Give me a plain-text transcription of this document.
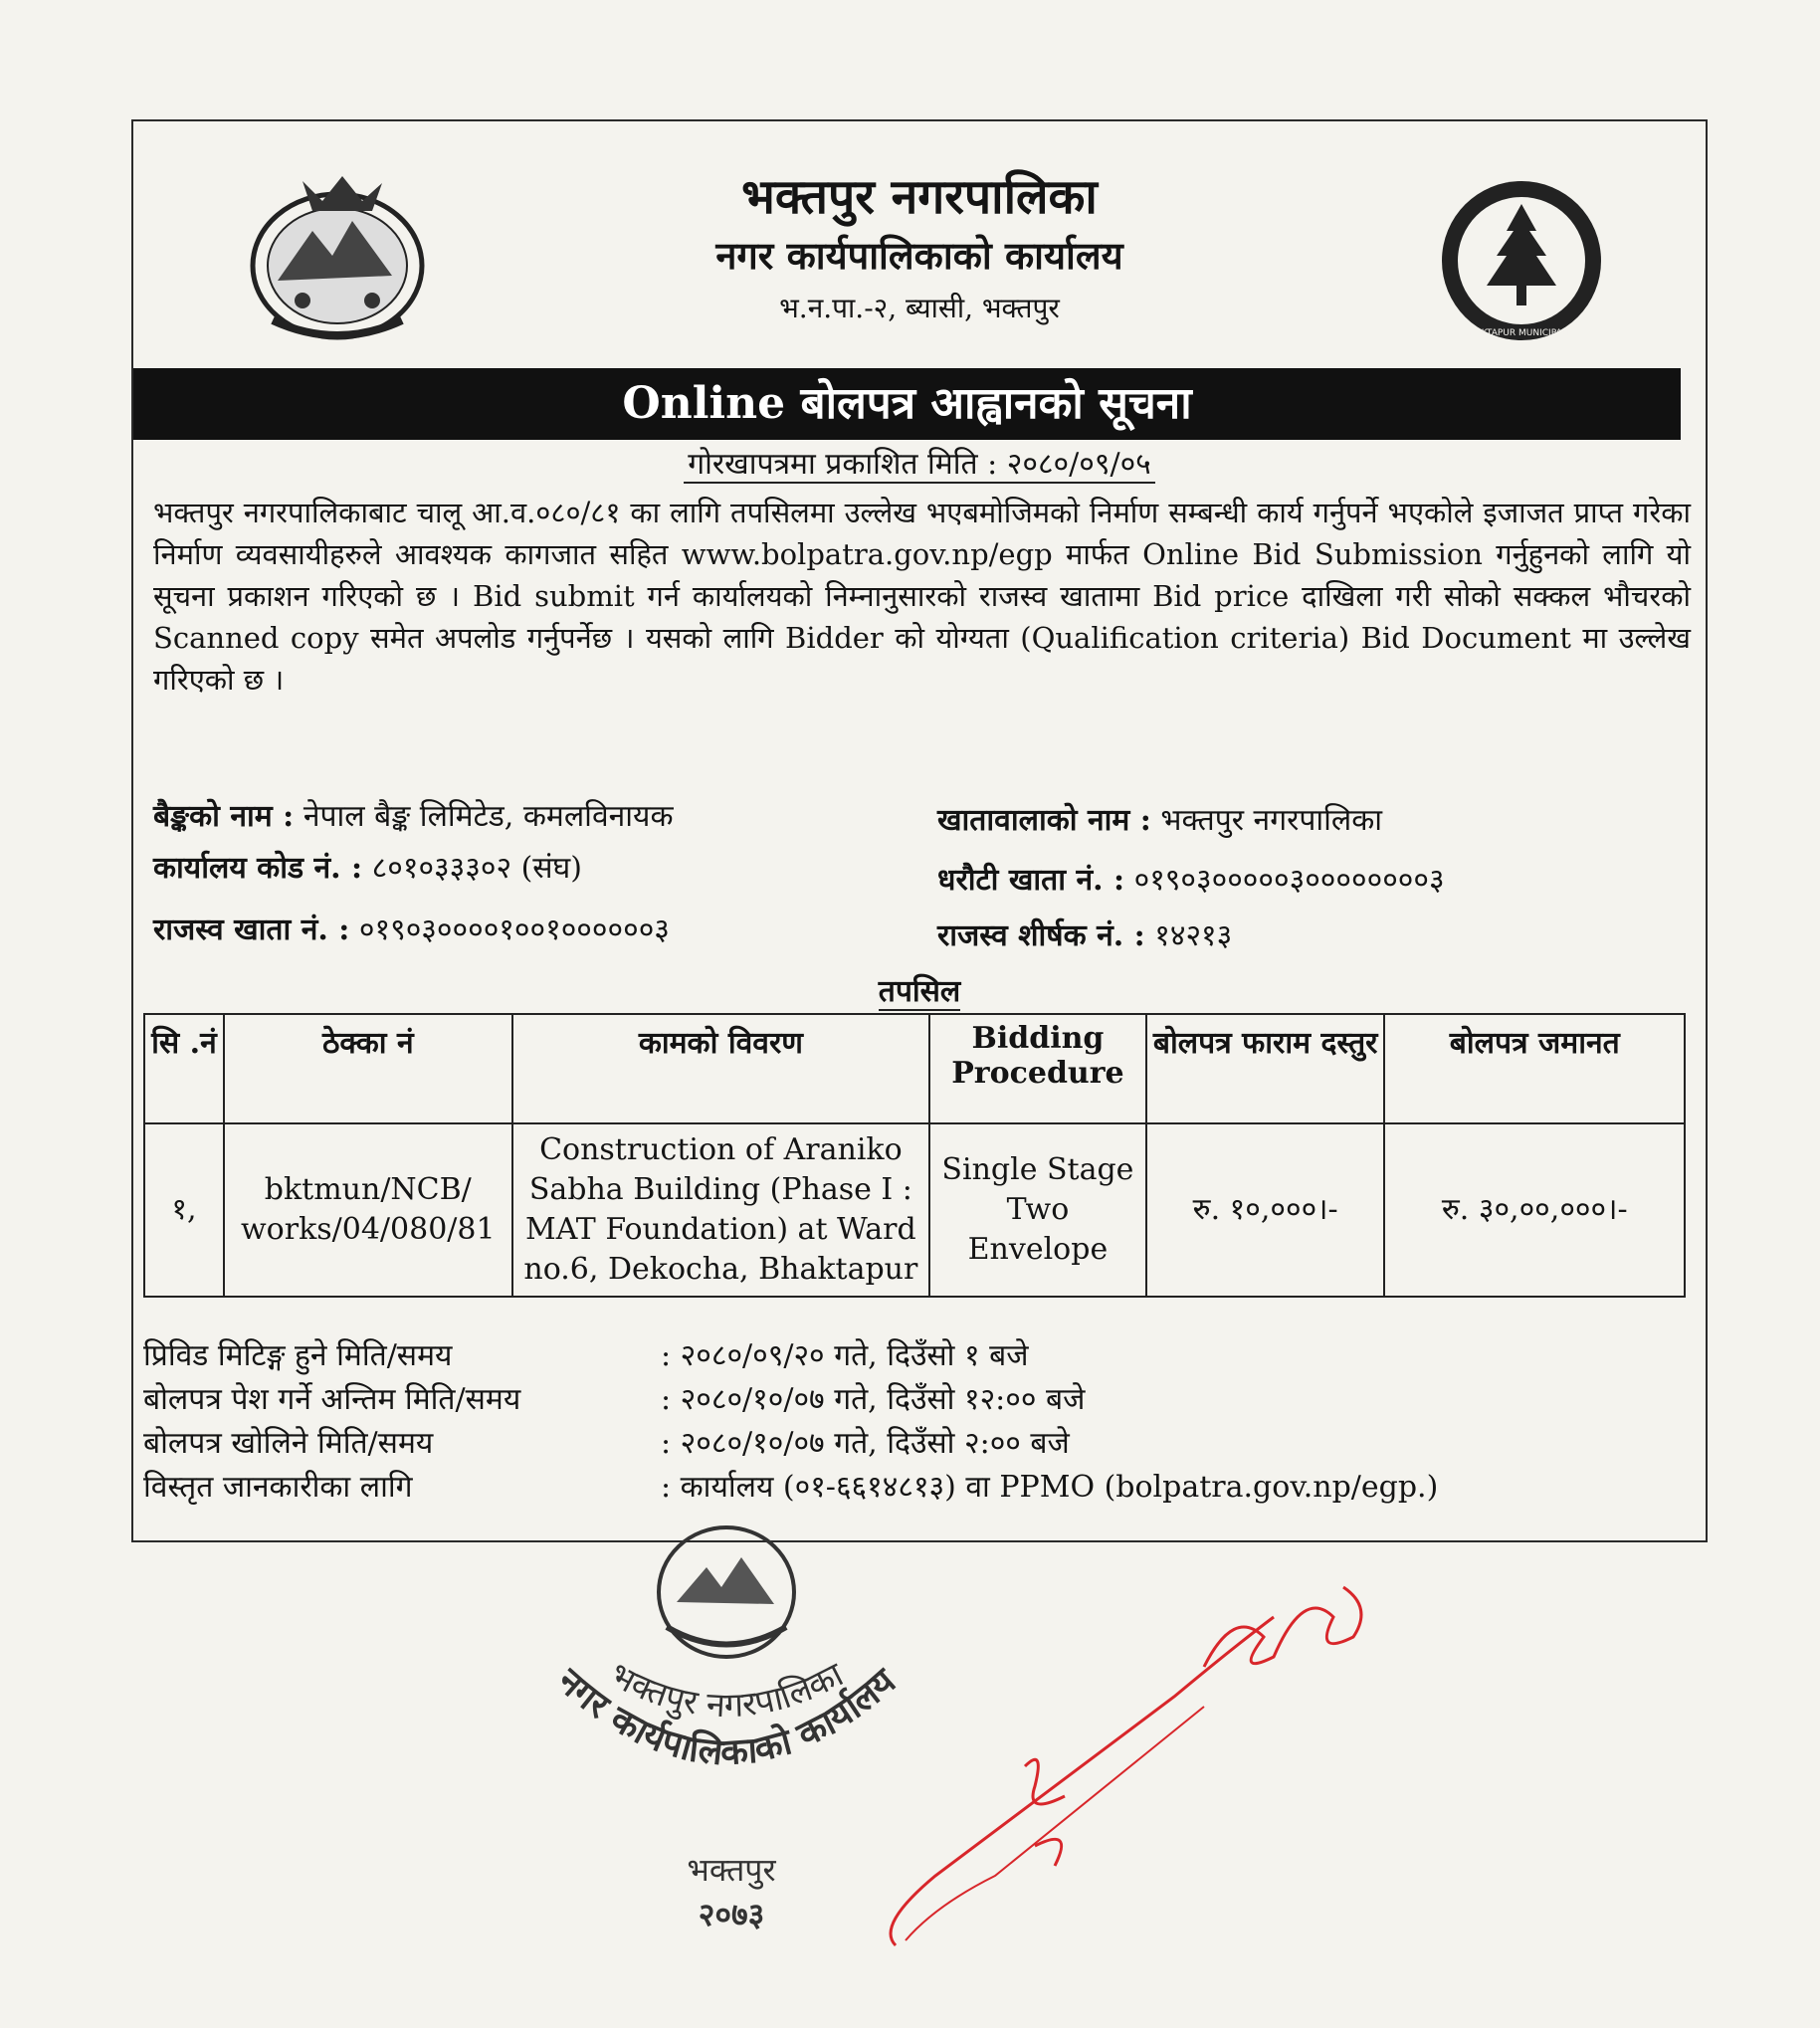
भक्तपुर नगरपालिका
नगर कार्यपालिकाको कार्यालय
भ.न.पा.-२, ब्यासी, भक्तपुर
BHAKTAPUR MUNICIPALITY
Online बोलपत्र आह्वानको सूचना
गोरखापत्रमा प्रकाशित मिति : २०८०/०९/०५
भक्तपुर नगरपालिकाबाट चालू आ.व.०८०/८१ का लागि तपसिलमा उल्लेख भएबमोजिमको निर्माण सम्बन्धी कार्य गर्नुपर्ने भएकोले इजाजत प्राप्त गरेका निर्माण व्यवसायीहरुले आवश्यक कागजात सहित www.bolpatra.gov.np/egp मार्फत Online Bid Submission गर्नुहुनको लागि यो सूचना प्रकाशन गरिएको छ । Bid submit गर्न कार्यालयको निम्नानुसारको राजस्व खातामा Bid price दाखिला गरी सोको सक्कल भौचरको Scanned copy समेत अपलोड गर्नुपर्नेछ । यसको लागि Bidder को योग्यता (Qualification criteria) Bid Document मा उल्लेख गरिएको छ ।
बैङ्कको नाम : नेपाल बैङ्क लिमिटेड, कमलविनायक	खातावालाको नाम : भक्तपुर नगरपालिका
कार्यालय कोड नं. : ८०१०३३३०२ (संघ)	धरौटी खाता नं. : ०१९०३०००००३००००००००३
राजस्व खाता नं. : ०१९०३००००१००१००००००३	राजस्व शीर्षक नं. : १४२१३
तपसिल
सि .नं	ठेक्का नं	कामको विवरण	Bidding Procedure	बोलपत्र फाराम दस्तुर	बोलपत्र जमानत
१,	bktmun/NCB/ works/04/080/81	Construction of Araniko Sabha Building (Phase I : MAT Foundation) at Ward no.6, Dekocha, Bhaktapur	Single Stage Two Envelope	रु. १०,०००।-	रु. ३०,००,०००।-
प्रिविड मिटिङ्ग हुने मिति/समय	: २०८०/०९/२० गते, दिउँसो १ बजे
बोलपत्र पेश गर्ने अन्तिम मिति/समय	: २०८०/१०/०७ गते, दिउँसो १२:०० बजे
बोलपत्र खोलिने मिति/समय	: २०८०/१०/०७ गते, दिउँसो २:०० बजे
विस्तृत जानकारीका लागि	: कार्यालय (०१-६६१४८१३) वा PPMO (bolpatra.gov.np/egp.)
भक्तपुर नगरपालिका
नगर कार्यपालिकाको कार्यालय
भक्तपुर
२०७३
